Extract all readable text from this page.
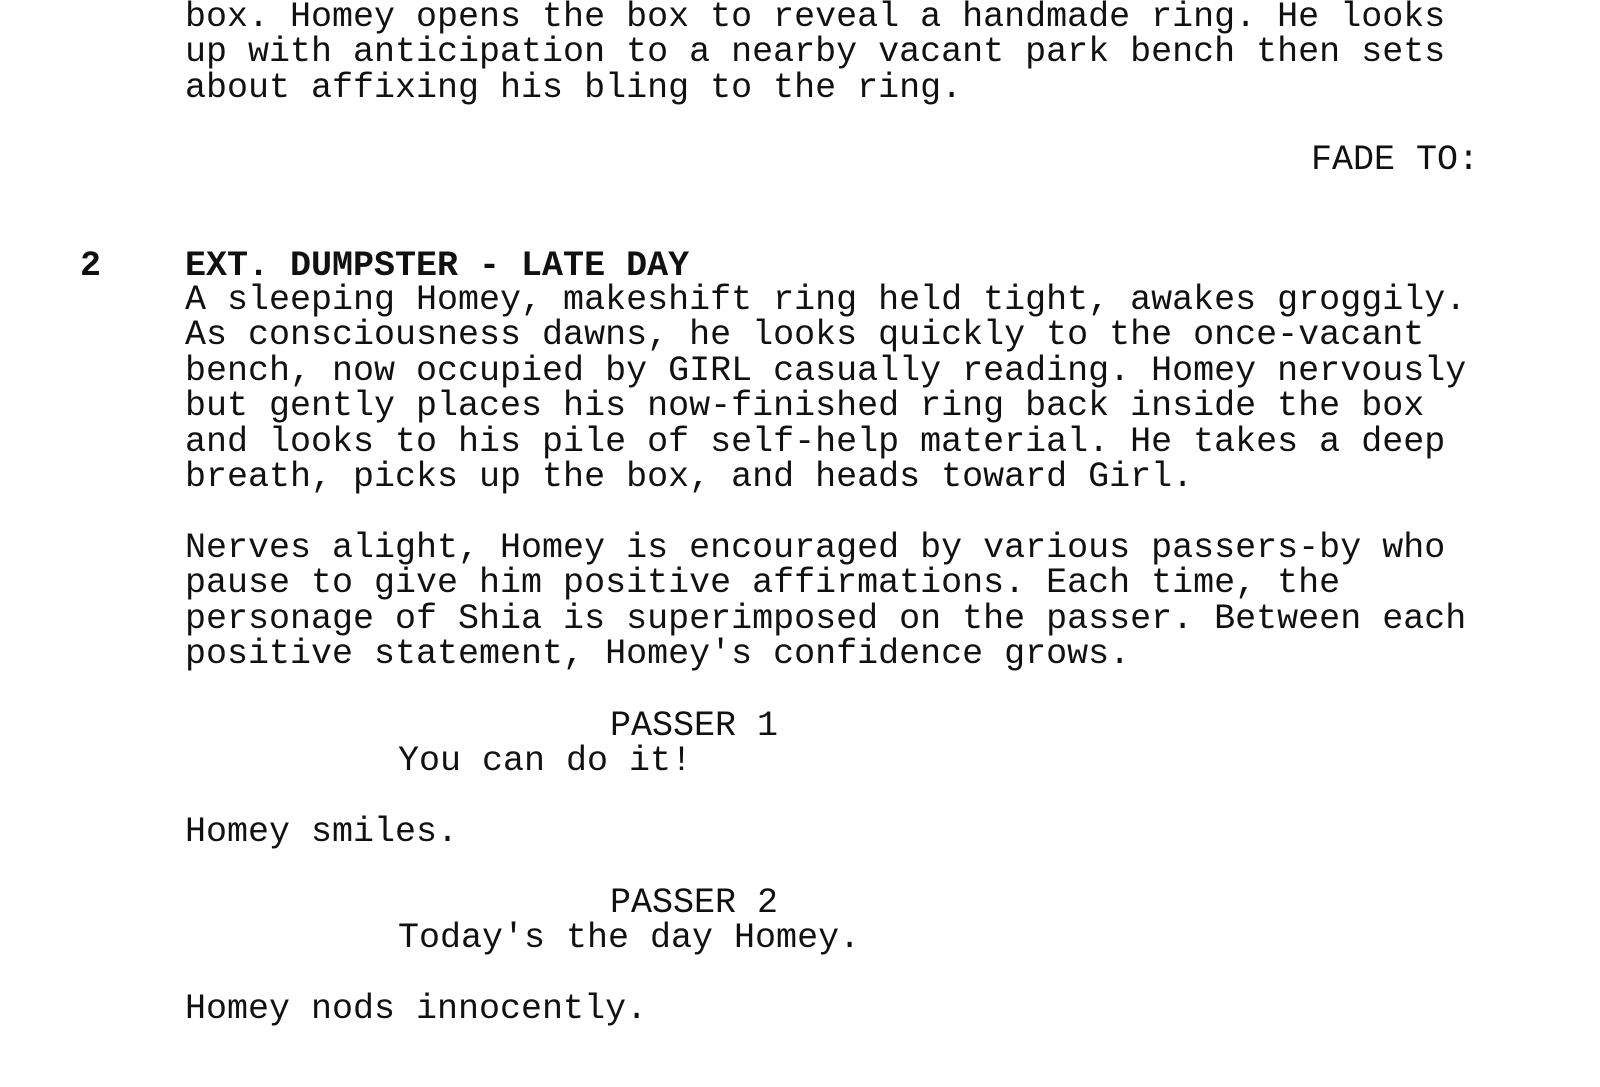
box. Homey opens the box to reveal a handmade ring. He looks
up with anticipation to a nearby vacant park bench then sets
about affixing his bling to the ring.
FADE TO:
2 EXT. DUMPSTER - LATE DAY
A sleeping Homey, makeshift ring held tight, awakes groggily.
As consciousness dawns, he looks quickly to the once-vacant
bench, now occupied by GIRL casually reading. Homey nervously
but gently places his now-finished ring back inside the box
and looks to his pile of self-help material. He takes a deep
breath, picks up the box, and heads toward Girl.
Nerves alight, Homey is encouraged by various passers-by who
pause to give him positive affirmations. Each time, the
personage of Shia is superimposed on the passer. Between each
positive statement, Homey's confidence grows.
PASSER 1
You can do it!
Homey smiles.
PASSER 2
Today's the day Homey.
Homey nods innocently.
